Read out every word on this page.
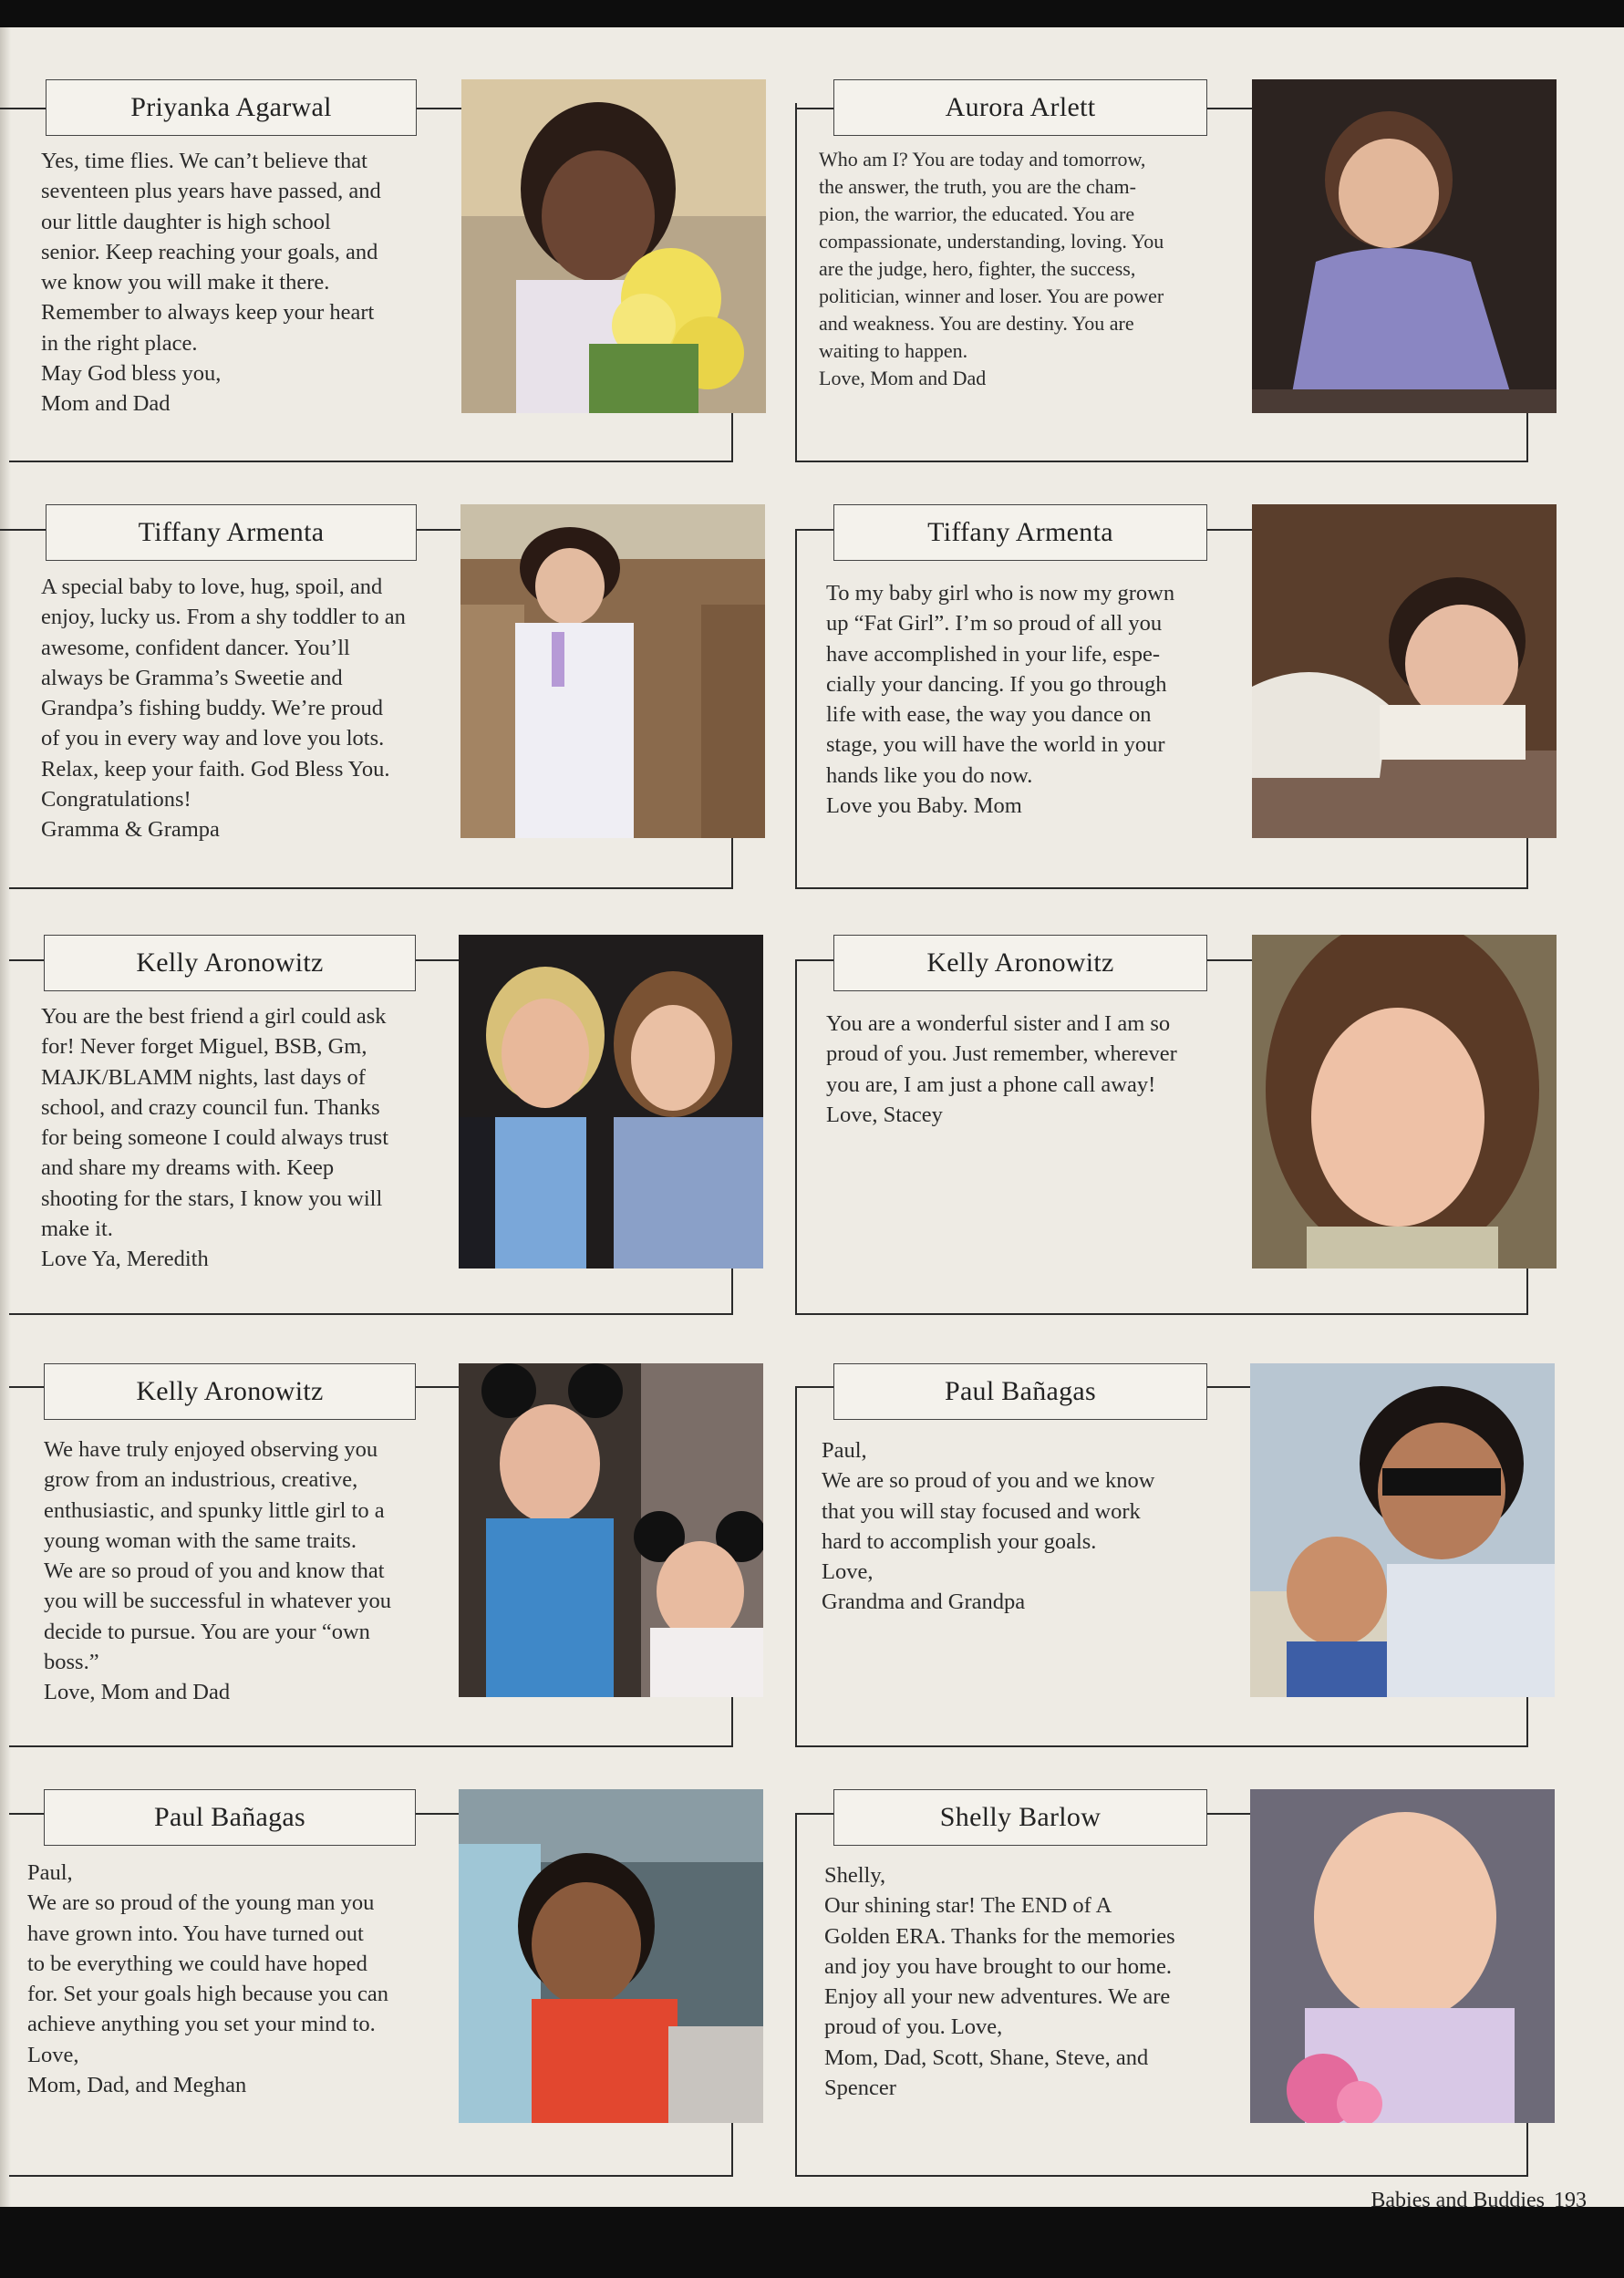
Priyanka Agarwal

Yes, time flies. We can’t believe that
seventeen plus years have passed, and
our little daughter is high school
senior. Keep reaching your goals, and
we know you will make it there.
Remember to always keep your heart
in the right place.
May God bless you,
Mom and Dad

Aurora Arlett

Who am I? You are today and tomorrow,
the answer, the truth, you are the cham-
pion, the warrior, the educated. You are
compassionate, understanding, loving. You
are the judge, hero, fighter, the success,
politician, winner and loser. You are power
and weakness. You are destiny. You are
waiting to happen.
Love, Mom and Dad

Tiffany Armenta

A special baby to love, hug, spoil, and
enjoy, lucky us. From a shy toddler to an
awesome, confident dancer. You’ll
always be Gramma’s Sweetie and
Grandpa’s fishing buddy. We’re proud
of you in every way and love you lots.
Relax, keep your faith. God Bless You.
Congratulations!
Gramma & Grampa

Tiffany Armenta

To my baby girl who is now my grown
up “Fat Girl”. I’m so proud of all you
have accomplished in your life, espe-
cially your dancing. If you go through
life with ease, the way you dance on
stage, you will have the world in your
hands like you do now.
Love you Baby. Mom

Kelly Aronowitz

You are the best friend a girl could ask
for! Never forget Miguel, BSB, Gm,
MAJK/BLAMM nights, last days of
school, and crazy council fun. Thanks
for being someone I could always trust
and share my dreams with. Keep
shooting for the stars, I know you will
make it.
Love Ya, Meredith

Kelly Aronowitz

You are a wonderful sister and I am so
proud of you. Just remember, wherever
you are, I am just a phone call away!
Love, Stacey

Kelly Aronowitz

We have truly enjoyed observing you
grow from an industrious, creative,
enthusiastic, and spunky little girl to a
young woman with the same traits.
We are so proud of you and know that
you will be successful in whatever you
decide to pursue. You are your “own
boss.”
Love, Mom and Dad

Paul Bañagas

Paul,
We are so proud of you and we know
that you will stay focused and work
hard to accomplish your goals.
Love,
Grandma and Grandpa

Paul Bañagas

Paul,
We are so proud of the young man you
have grown into. You have turned out
to be everything we could have hoped
for. Set your goals high because you can
achieve anything you set your mind to.
Love,
Mom, Dad, and Meghan

Shelly Barlow

Shelly,
Our shining star! The END of A
Golden ERA. Thanks for the memories
and joy you have brought to our home.
Enjoy all your new adventures. We are
proud of you. Love,
Mom, Dad, Scott, Shane, Steve, and
Spencer

Babies and Buddies 193
